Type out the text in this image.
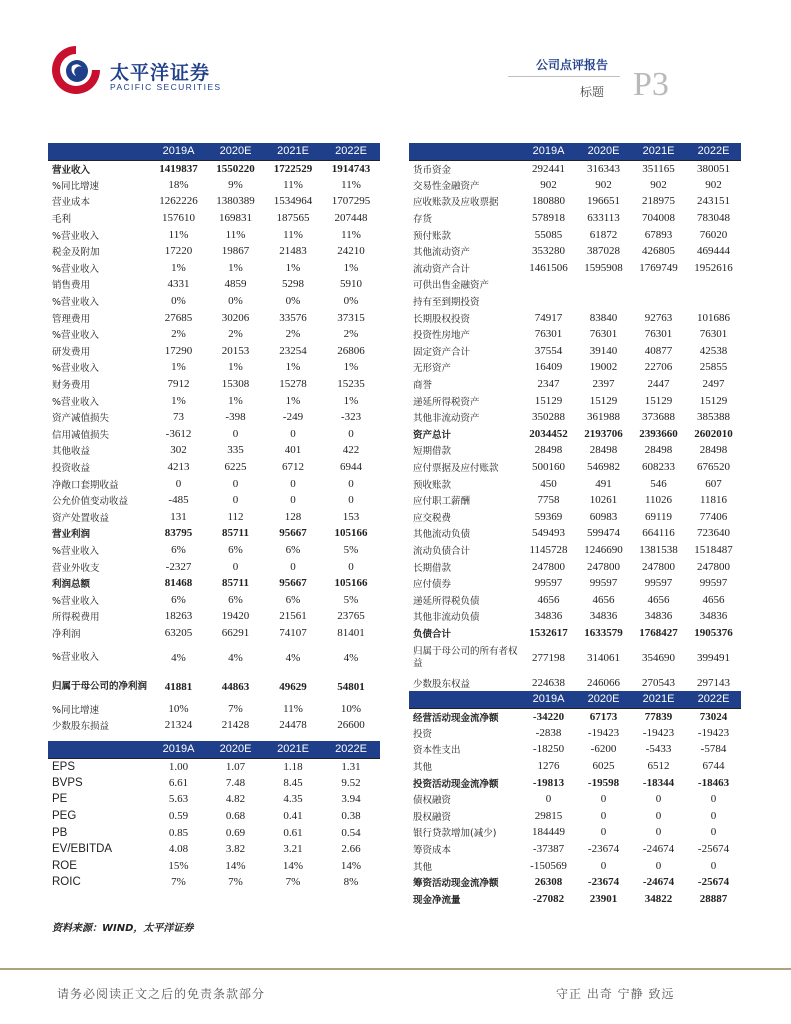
太平洋证券
PACIFIC SECURITIES
公司点评报告
标题 P3
	2019A	2020E	2021E	2022E
营业收入	1419837	1550220	1722529	1914743
%同比增速	18%	9%	11%	11%
营业成本	1262226	1380389	1534964	1707295
毛利	157610	169831	187565	207448
%营业收入	11%	11%	11%	11%
税金及附加	17220	19867	21483	24210
%营业收入	1%	1%	1%	1%
销售费用	4331	4859	5298	5910
%营业收入	0%	0%	0%	0%
管理费用	27685	30206	33576	37315
%营业收入	2%	2%	2%	2%
研发费用	17290	20153	23254	26806
%营业收入	1%	1%	1%	1%
财务费用	7912	15308	15278	15235
%营业收入	1%	1%	1%	1%
资产减值损失	73	-398	-249	-323
信用减值损失	-3612	0	0	0
其他收益	302	335	401	422
投资收益	4213	6225	6712	6944
净敞口套期收益	0	0	0	0
公允价值变动收益	-485	0	0	0
资产处置收益	131	112	128	153
营业利润	83795	85711	95667	105166
%营业收入	6%	6%	6%	5%
营业外收支	-2327	0	0	0
利润总额	81468	85711	95667	105166
%营业收入	6%	6%	6%	5%
所得税费用	18263	19420	21561	23765
净利润	63205	66291	74107	81401
%营业收入	4%	4%	4%	4%
归属于母公司的净利润	41881	44863	49629	54801
%同比增速	10%	7%	11%	10%
少数股东损益	21324	21428	24478	26600
	2019A	2020E	2021E	2022E
EPS	1.00	1.07	1.18	1.31
BVPS	6.61	7.48	8.45	9.52
PE	5.63	4.82	4.35	3.94
PEG	0.59	0.68	0.41	0.38
PB	0.85	0.69	0.61	0.54
EV/EBITDA	4.08	3.82	3.21	2.66
ROE	15%	14%	14%	14%
ROIC	7%	7%	7%	8%
	2019A	2020E	2021E	2022E
货币资金	292441	316343	351165	380051
交易性金融资产	902	902	902	902
应收账款及应收票据	180880	196651	218975	243151
存货	578918	633113	704008	783048
预付账款	55085	61872	67893	76020
其他流动资产	353280	387028	426805	469444
流动资产合计	1461506	1595908	1769749	1952616
可供出售金融资产				
持有至到期投资				
长期股权投资	74917	83840	92763	101686
投资性房地产	76301	76301	76301	76301
固定资产合计	37554	39140	40877	42538
无形资产	16409	19002	22706	25855
商誉	2347	2397	2447	2497
递延所得税资产	15129	15129	15129	15129
其他非流动资产	350288	361988	373688	385388
资产总计	2034452	2193706	2393660	2602010
短期借款	28498	28498	28498	28498
应付票据及应付账款	500160	546982	608233	676520
预收账款	450	491	546	607
应付职工薪酬	7758	10261	11026	11816
应交税费	59369	60983	69119	77406
其他流动负债	549493	599474	664116	723640
流动负债合计	1145728	1246690	1381538	1518487
长期借款	247800	247800	247800	247800
应付债券	99597	99597	99597	99597
递延所得税负债	4656	4656	4656	4656
其他非流动负债	34836	34836	34836	34836
负债合计	1532617	1633579	1768427	1905376
归属于母公司的所有者权益	277198	314061	354690	399491
少数股东权益	224638	246066	270543	297143
	2019A	2020E	2021E	2022E
经营活动现金流净额	-34220	67173	77839	73024
投资	-2838	-19423	-19423	-19423
资本性支出	-18250	-6200	-5433	-5784
其他	1276	6025	6512	6744
投资活动现金流净额	-19813	-19598	-18344	-18463
债权融资	0	0	0	0
股权融资	29815	0	0	0
银行贷款增加(减少)	184449	0	0	0
筹资成本	-37387	-23674	-24674	-25674
其他	-150569	0	0	0
筹资活动现金流净额	26308	-23674	-24674	-25674
现金净流量	-27082	23901	34822	28887
资料来源：WIND，太平洋证券
请务必阅读正文之后的免责条款部分	守正 出奇 宁静 致远
